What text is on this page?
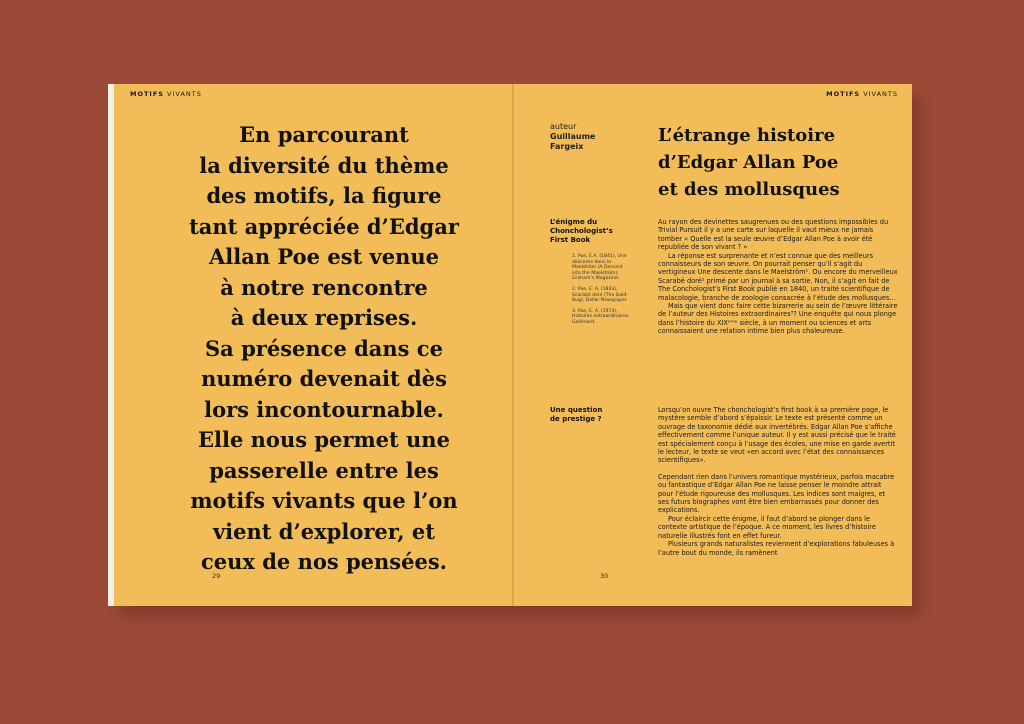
MOTIFS VIVANTS
En parcourant
la diversité du thème
des motifs, la figure
tant appréciée d’Edgar
Allan Poe est venue
à notre rencontre
à deux reprises.
Sa présence dans ce
numéro devenait dès
lors incontournable.
Elle nous permet une
passerelle entre les
motifs vivants que l’on
vient d’explorer, et
ceux de nos pensées.
29
MOTIFS VIVANTS
auteur
Guillaume
Fargeix
L’étrange histoire
d’Edgar Allan Poe
et des mollusques
L’énigme du
Chonchologist’s
First Book

1. Poe, E.A. (1841), Une descente dans le Maelström (A Descent into the Maelström), Graham’s Magazine.

2. Poe, E. A. (1843), Scarabé doré (The Gold-Bug), Dollar Newspaper.

3. Poe, E. A. (1973), Histoires extraordinaires, Gallimard.

Une question
de prestige ?

Au rayon des devinettes saugrenues ou des questions impossibles du Trivial Pursuit il y a une carte sur laquelle il vaut mieux ne jamais tomber « Quelle est la seule œuvre d’Edgar Allan Poe à avoir été republiée de son vivant ? »

La réponse est surprenante et n’est connue que des meilleurs connaisseurs de son œuvre. On pourrait penser qu’il s’agit du vertigineux Une descente dans le Maelström¹. Ou encore du merveilleux Scarabé doré² primé par un journal à sa sortie. Non, il s’agit en fait de The Conchologist’s First Book publié en 1840, un traité scientifique de malacologie, branche de zoologie consacrée à l’étude des mollusques…

Mais que vient donc faire cette bizarrerie au sein de l’œuvre littéraire de l’auteur des Histoires extraordinaires³? Une enquête qui nous plonge dans l’histoire du XIXᵉᵐᵉ siècle, à un moment ou sciences et arts connaissaient une relation intime bien plus chaleureuse.

Lorsqu’on ouvre The chonchologist’s first book à sa première page, le mystère semble d’abord s’épaissir. Le texte est présenté comme un ouvrage de taxonomie dédié aux invertébrés. Edgar Allan Poe s’affiche effectivement comme l’unique auteur. Il y est aussi précisé que le traité est spécialement conçu à l’usage des écoles, une mise en garde avertit le lecteur, le texte se veut «en accord avec l’état des connaissances scientifiques».

Cependant rien dans l’univers romantique mystérieux, parfois macabre ou fantastique d’Edgar Allan Poe ne laisse penser le moindre attrait pour l’étude rigoureuse des mollusques. Les indices sont maigres, et ses futurs biographes vont être bien embarrassés pour donner des explications.

Pour éclaircir cette énigme, il faut d’abord se plonger dans le contexte artistique de l’époque. A ce moment, les livres d’histoire naturelle illustrés font en effet fureur.

Plusieurs grands naturalistes reviennent d’explorations fabuleuses à l’autre bout du monde, ils ramènent

30
